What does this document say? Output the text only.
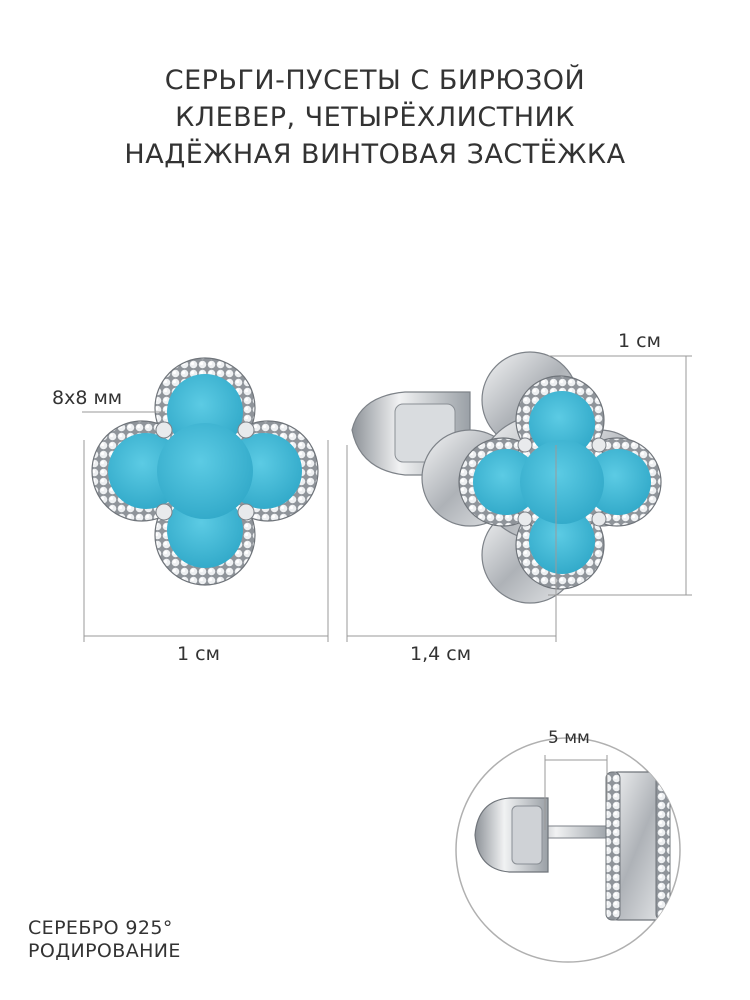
СЕРЬГИ-ПУСЕТЫ С БИРЮЗОЙ
КЛЕВЕР, ЧЕТЫРЁХЛИСТНИК
НАДЁЖНАЯ ВИНТОВАЯ ЗАСТЁЖКА
8х8 мм
1 см	1,4 см
1 см
5 мм
СЕРЕБРО 925°
РОДИРОВАНИЕ
